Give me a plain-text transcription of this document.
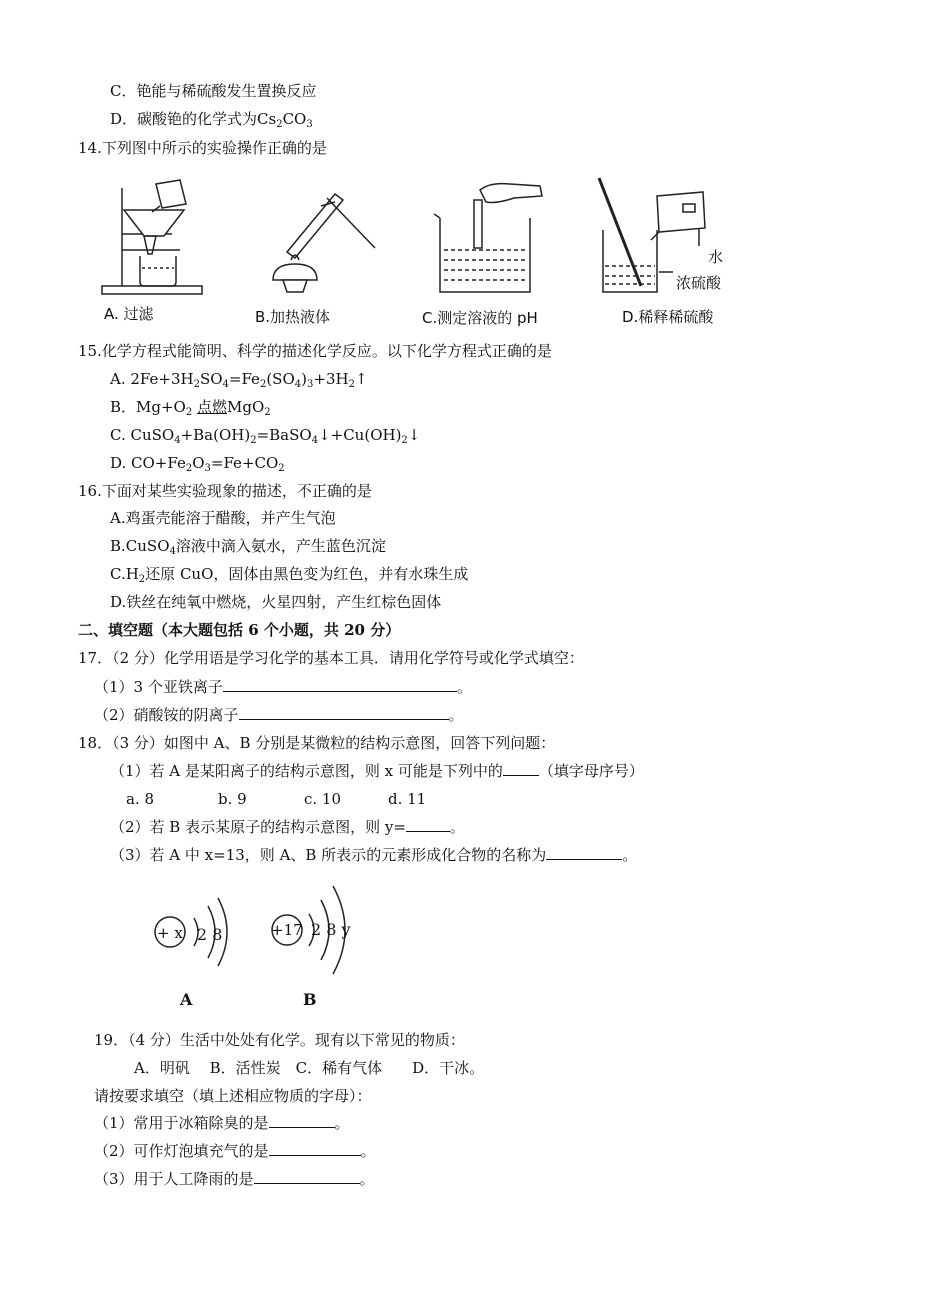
C．铯能与稀硫酸发生置换反应
D．碳酸铯的化学式为$Cs_2CO_3$
14.下列图中所示的实验操作正确的是
A. 过滤	B.加热液体	C.测定溶液的 pH
水
浓硫酸
D.稀释稀硫酸
15.化学方程式能简明、科学的描述化学反应。以下化学方程式正确的是
A. $2Fe+3H_2SO_4=Fe_2(SO_4)_3+3H_2↑$
B．$Mg+O_2$ 点燃MgO$_2$
C. $CuSO_4+Ba(OH)_2=BaSO_4↓+Cu(OH)_2↓$
D. $CO+Fe_2O_3=Fe+CO_2$
16.下面对某些实验现象的描述，不正确的是
A.鸡蛋壳能溶于醋酸，并产生气泡
B.CuSO$_4$溶液中滴入氨水，产生蓝色沉淀
$C.H_2$还原 CuO，固体由黑色变为红色，并有水珠生成
D.铁丝在纯氧中燃烧，火星四射，产生红棕色固体
二、填空题（本大题包括 6 个小题，共 20 分）
17．（2 分）化学用语是学习化学的基本工具．请用化学符号或化学式填空：
（1）3 个亚铁离子	。
（2）硝酸铵的阴离子	。
18．（3 分）如图中 A、B 分别是某微粒的结构示意图，回答下列问题：
（1）若 A 是某阳离子的结构示意图，则 x 可能是下列中的 （填字母序号）
a. 8	b. 9	c. 10	d. 11
（2）若 B 表示某原子的结构示意图，则 y=	。
（3）若 A 中 x=13，则 A、B 所表示的元素形成化合物的名称为	。
+ x 2 8
A
+17 2 8 y
B
19．（4 分）生活中处处有化学。现有以下常见的物质：
A．明矾　 B．活性炭　C．稀有气体　　D．干冰。
请按要求填空（填上述相应物质的字母）：
（1）常用于冰箱除臭的是	。
（2）可作灯泡填充气的是	。
（3）用于人工降雨的是	。
